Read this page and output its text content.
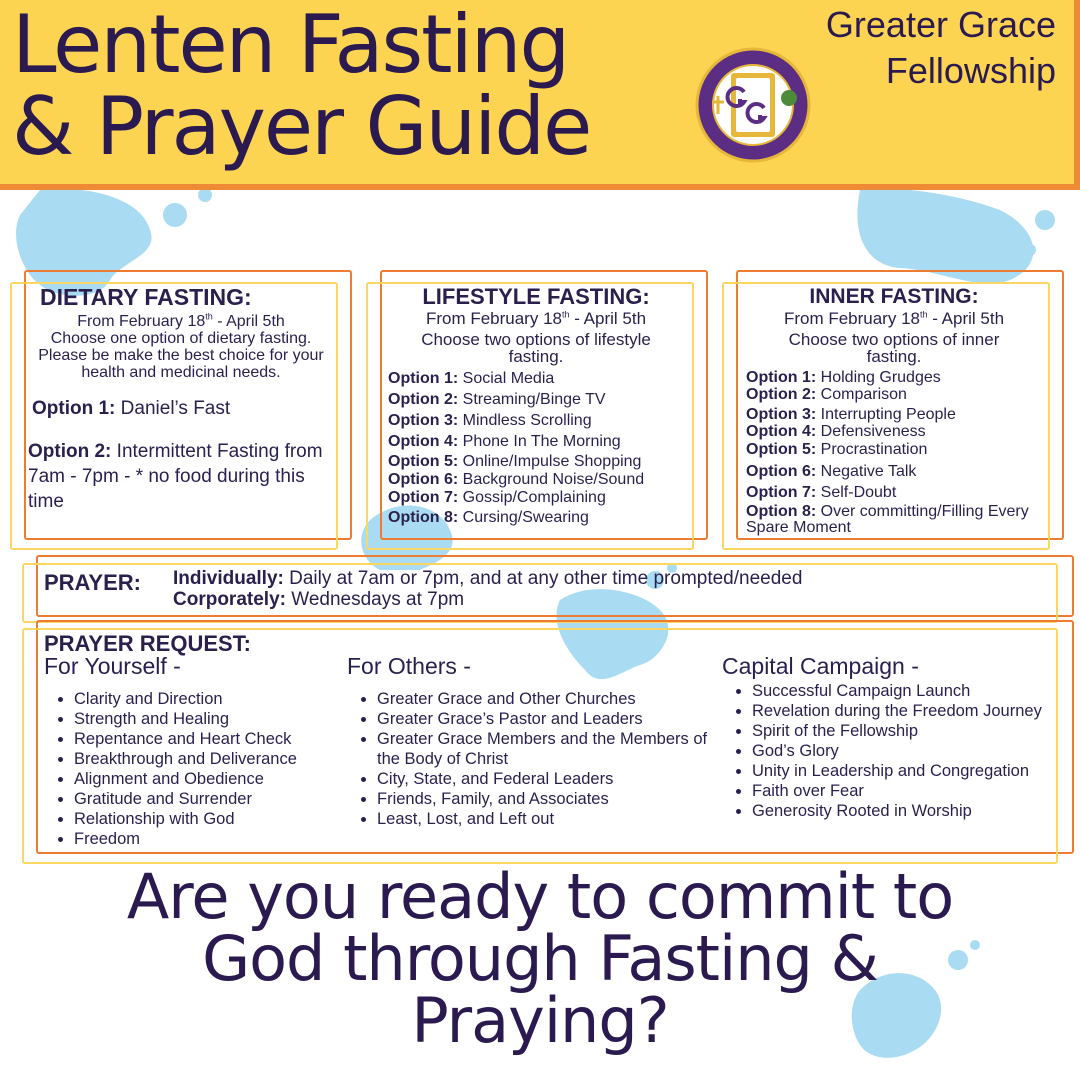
Lenten Fasting
& Prayer Guide
Greater Grace
Fellowship
DIETARY FASTING:
From February 18th - April 5th
Choose one option of dietary fasting. Please be make the best choice for your health and medicinal needs.
Option 1: Daniel’s Fast
Option 2: Intermittent Fasting from 7am - 7pm - * no food during this time
LIFESTYLE FASTING:
From February 18th - April 5th
Choose two options of lifestyle fasting.
Option 1: Social Media
Option 2: Streaming/Binge TV
Option 3: Mindless Scrolling
Option 4: Phone In The Morning
Option 5: Online/Impulse Shopping
Option 6: Background Noise/Sound
Option 7: Gossip/Complaining
Option 8: Cursing/Swearing
INNER FASTING:
From February 18th - April 5th
Choose two options of inner fasting.
Option 1: Holding Grudges
Option 2: Comparison
Option 3: Interrupting People
Option 4: Defensiveness
Option 5: Procrastination
Option 6: Negative Talk
Option 7: Self-Doubt
Option 8: Over committing/Filling Every Spare Moment
PRAYER: Individually: Daily at 7am or 7pm, and at any other time prompted/needed
Corporately: Wednesdays at 7pm
PRAYER REQUEST:
For Yourself -
• Clarity and Direction
• Strength and Healing
• Repentance and Heart Check
• Breakthrough and Deliverance
• Alignment and Obedience
• Gratitude and Surrender
• Relationship with God
• Freedom
For Others -
• Greater Grace and Other Churches
• Greater Grace’s Pastor and Leaders
• Greater Grace Members and the Members of the Body of Christ
• City, State, and Federal Leaders
• Friends, Family, and Associates
• Least, Lost, and Left out
Capital Campaign -
• Successful Campaign Launch
• Revelation during the Freedom Journey
• Spirit of the Fellowship
• God’s Glory
• Unity in Leadership and Congregation
• Faith over Fear
• Generosity Rooted in Worship
Are you ready to commit to
God through Fasting &
Praying?
